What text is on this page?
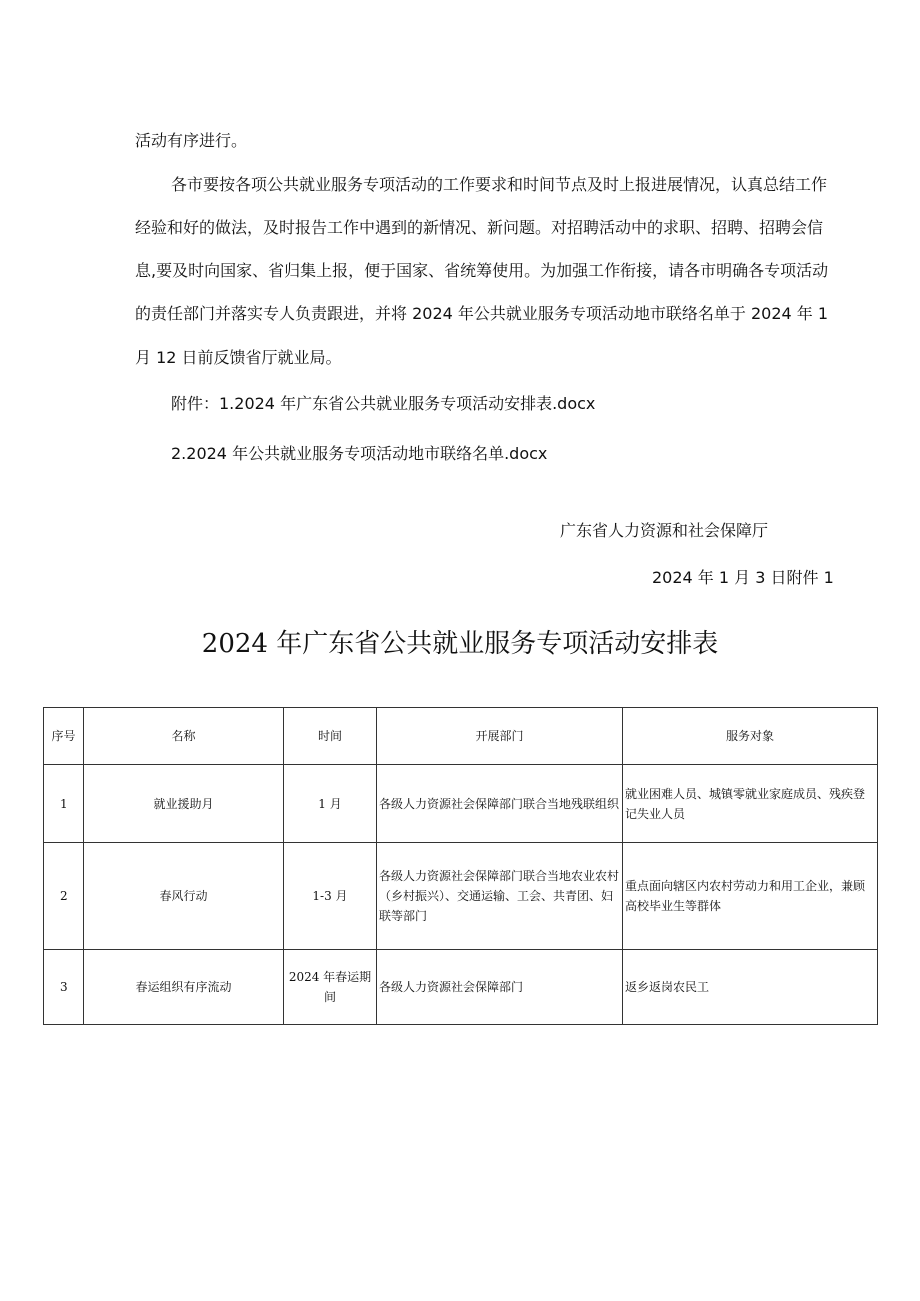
活动有序进行。

各市要按各项公共就业服务专项活动的工作要求和时间节点及时上报进展情况，认真总结工作

经验和好的做法，及时报告工作中遇到的新情况、新问题。对招聘活动中的求职、招聘、招聘会信

息,要及时向国家、省归集上报，便于国家、省统筹使用。为加强工作衔接，请各市明确各专项活动

的责任部门并落实专人负责跟进，并将 2024 年公共就业服务专项活动地市联络名单于 2024 年 1

月 12 日前反馈省厅就业局。

附件：1.2024 年广东省公共就业服务专项活动安排表.docx

2.2024 年公共就业服务专项活动地市联络名单.docx

广东省人力资源和社会保障厅

2024 年 1 月 3 日附件 1

2024 年广东省公共就业服务专项活动安排表
序号	名称	时间	开展部门	服务对象
1	就业援助月	1 月	各级人力资源社会保障部门联合当地残联组织	就业困难人员、城镇零就业家庭成员、残疾登记失业人员
2	春风行动	1-3 月	各级人力资源社会保障部门联合当地农业农村（乡村振兴）、交通运输、工会、共青团、妇联等部门	重点面向辖区内农村劳动力和用工企业，兼顾高校毕业生等群体
3	春运组织有序流动	2024 年春运期间	各级人力资源社会保障部门	返乡返岗农民工
